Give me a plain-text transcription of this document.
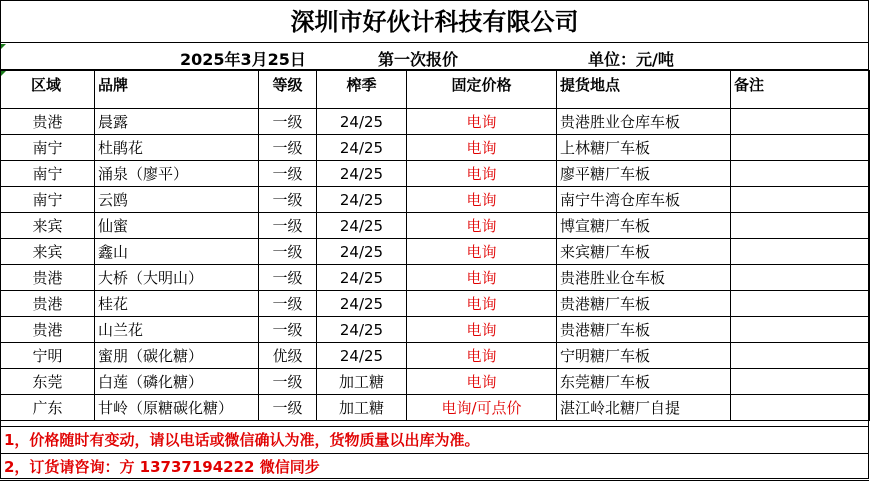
深圳市好伙计科技有限公司
2025年3月25日	第一次报价	单位：元/吨
区域	品牌	等级	榨季	固定价格	提货地点	备注
贵港	晨露	一级	24/25	电询	贵港胜业仓库车板	
南宁	杜鹃花	一级	24/25	电询	上林糖厂车板	
南宁	涌泉（廖平）	一级	24/25	电询	廖平糖厂车板	
南宁	云鸥	一级	24/25	电询	南宁牛湾仓库车板	
来宾	仙蜜	一级	24/25	电询	博宣糖厂车板	
来宾	鑫山	一级	24/25	电询	来宾糖厂车板	
贵港	大桥（大明山）	一级	24/25	电询	贵港胜业仓车板	
贵港	桂花	一级	24/25	电询	贵港糖厂车板	
贵港	山兰花	一级	24/25	电询	贵港糖厂车板	
宁明	蜜朋（碳化糖）	优级	24/25	电询	宁明糖厂车板	
东莞	白莲（磷化糖）	一级	加工糖	电询	东莞糖厂车板	
广东	甘岭（原糖碳化糖）	一级	加工糖	电询/可点价	湛江岭北糖厂自提	
1，价格随时有变动，请以电话或微信确认为准，货物质量以出库为准。
2，订货请咨询：方 13737194222 微信同步
